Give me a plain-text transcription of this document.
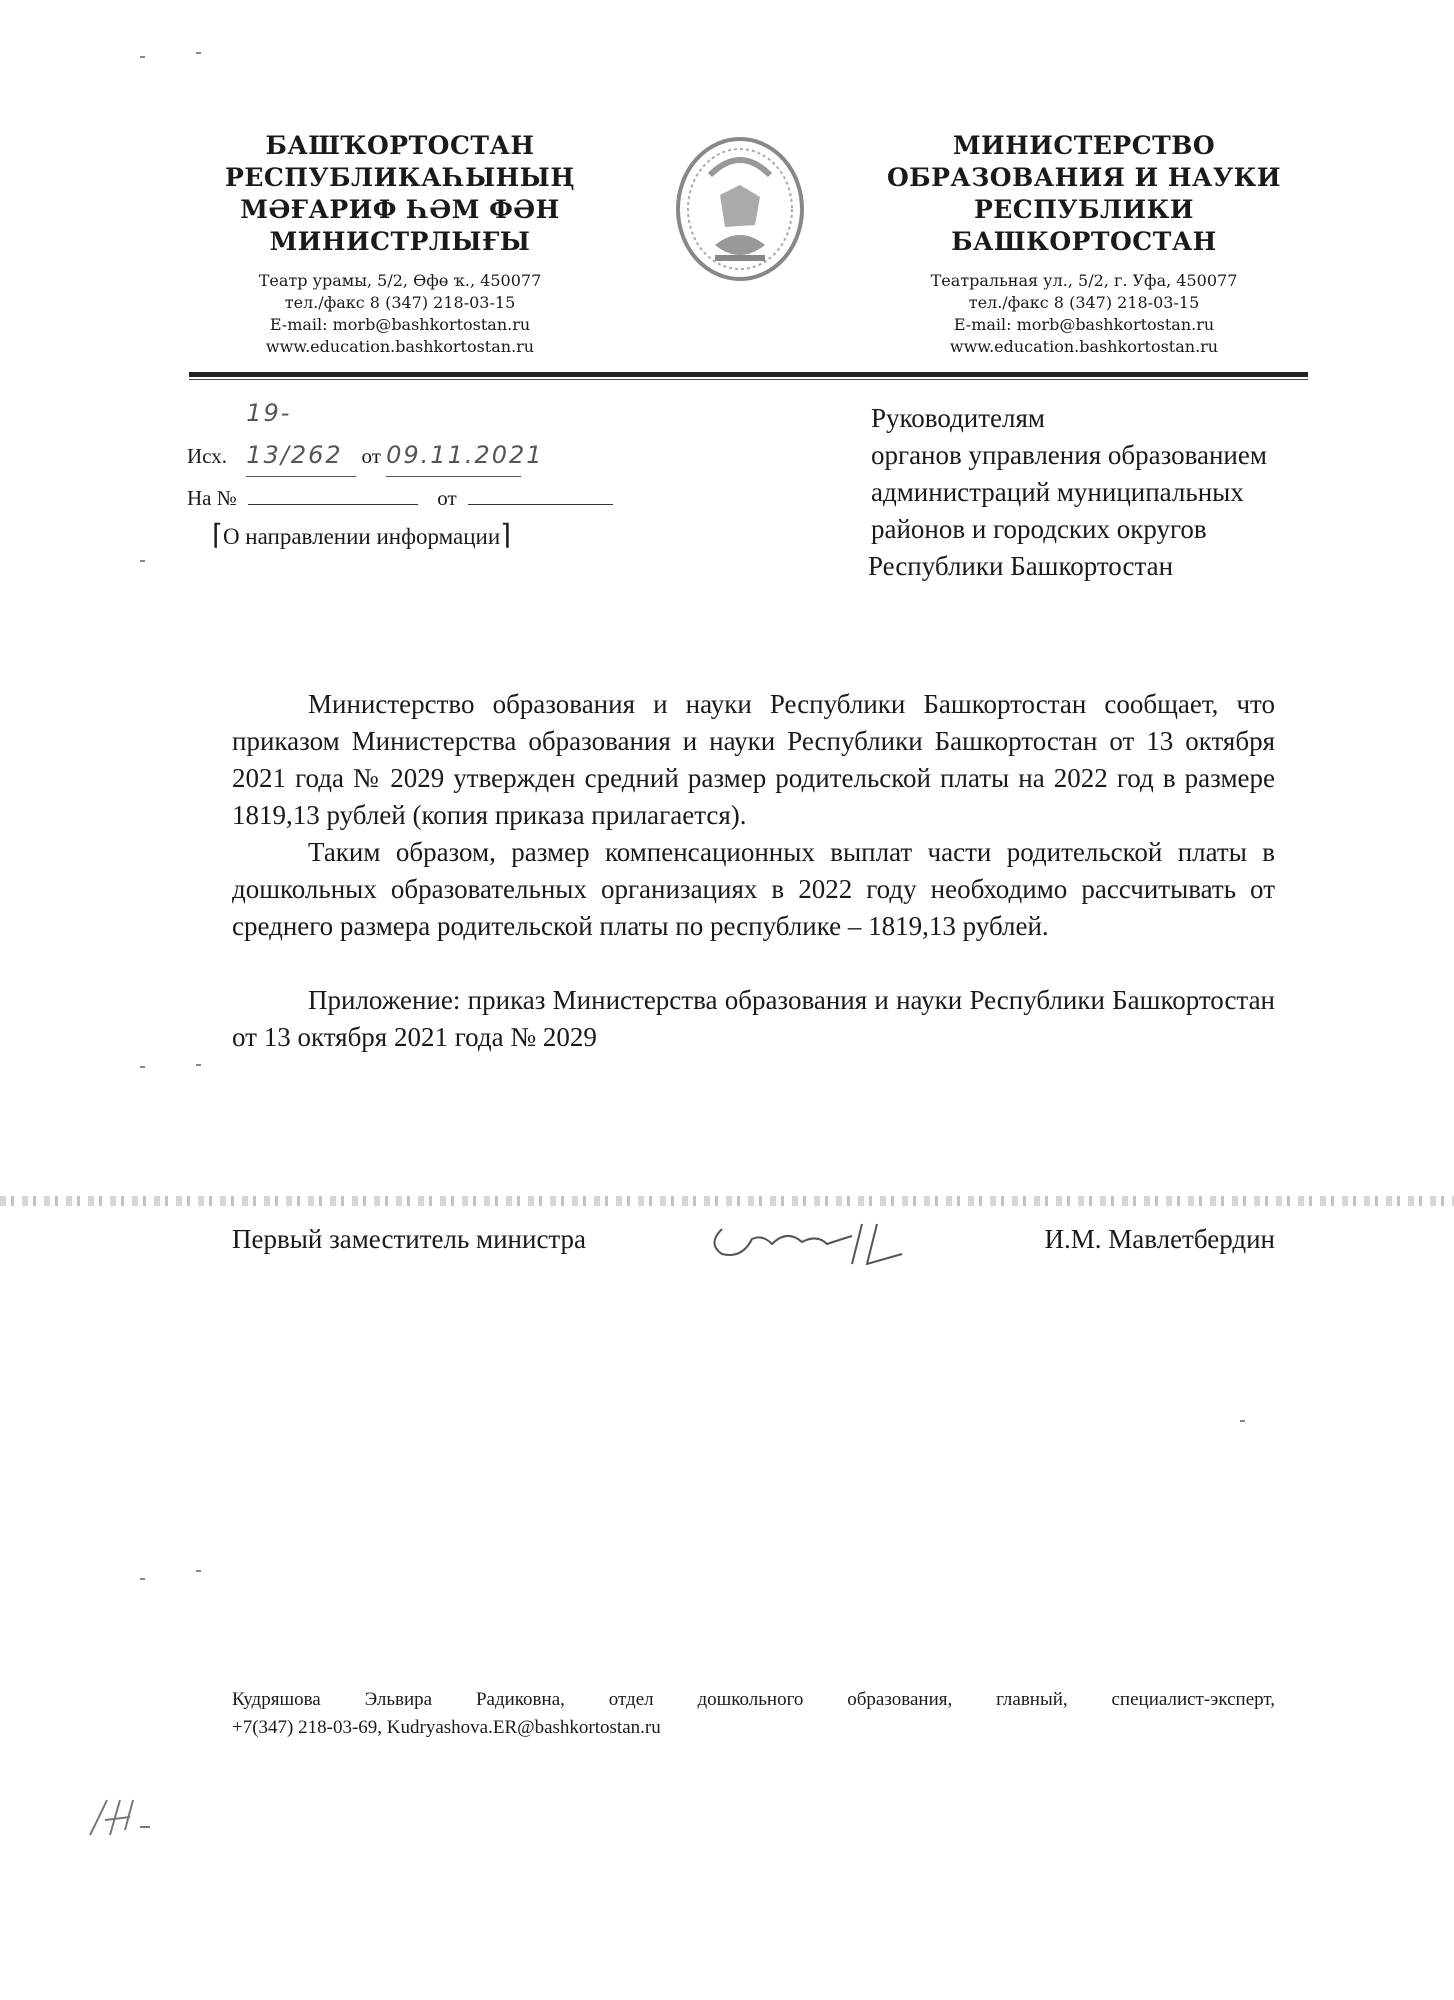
БАШҠОРТОСТАН
РЕСПУБЛИКАҺЫНЫҢ
МӘҒАРИФ ҺӘМ ФӘН
МИНИСТРЛЫҒЫ
Театр урамы, 5/2, Өфө ҡ., 450077
тел./факс 8 (347) 218-03-15
E-mail: morb@bashkortostan.ru
www.education.bashkortostan.ru
МИНИСТЕРСТВО
ОБРАЗОВАНИЯ И НАУКИ
РЕСПУБЛИКИ
БАШКОРТОСТАН
Театральная ул., 5/2, г. Уфа, 450077
тел./факс 8 (347) 218-03-15
E-mail: morb@bashkortostan.ru
www.education.bashkortostan.ru
Исх. 19-13/262 от 09.11.2021
На №	от
⌈О направлении информации⌉
Руководителям
органов управления образованием
администраций муниципальных
районов и городских округов
Республики Башкортостан

Министерство образования и науки Республики Башкортостан сообщает, что приказом Министерства образования и науки Республики Башкортостан от 13 октября 2021 года № 2029 утвержден средний размер родительской платы на 2022 год в размере 1819,13 рублей (копия приказа прилагается).

Таким образом, размер компенсационных выплат части родительской платы в дошкольных образовательных организациях в 2022 году необходимо рассчитывать от среднего размера родительской платы по республике – 1819,13 рублей.

Приложение: приказ Министерства образования и науки Республики Башкортостан от 13 октября 2021 года № 2029

Первый заместитель министра	И.М. Мавлетбердин
Кудряшова Эльвира Радиковна, отдел дошкольного образования, главный, специалист-эксперт,
+7(347) 218-03-69, Kudryashova.ER@bashkortostan.ru
